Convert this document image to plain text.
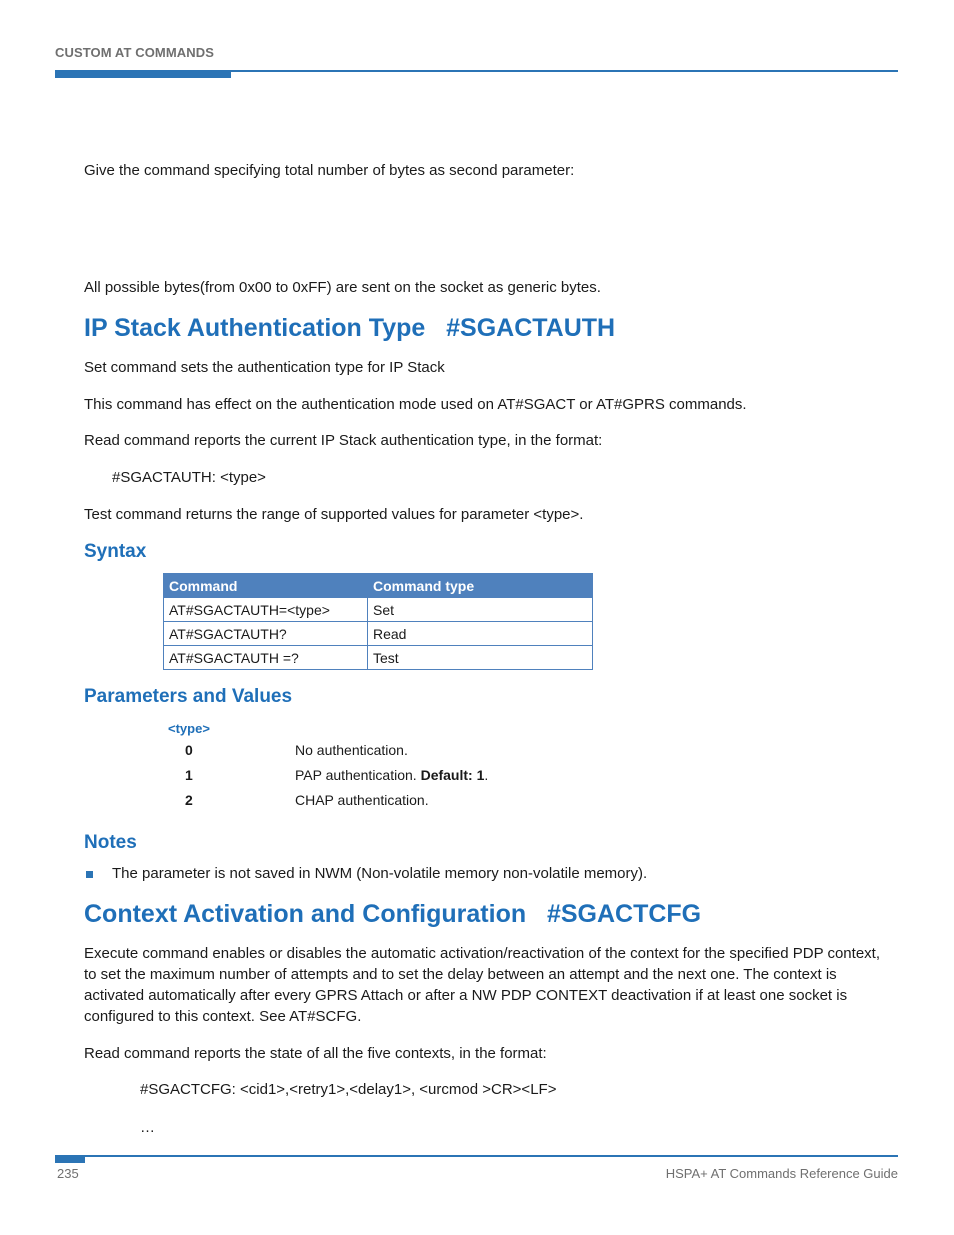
CUSTOM AT COMMANDS
Give the command specifying total number of bytes as second parameter:
All possible bytes(from 0x00 to 0xFF) are sent on the socket as generic bytes.
IP Stack Authentication Type   #SGACTAUTH
Set command sets the authentication type for IP Stack
This command has effect on the authentication mode used on AT#SGACT or AT#GPRS commands.
Read command reports the current IP Stack authentication type, in the format:
#SGACTAUTH: <type>
Test command returns the range of supported values for parameter <type>.
Syntax
Command	Command type
AT#SGACTAUTH=<type>	Set
AT#SGACTAUTH?	Read
AT#SGACTAUTH =?	Test
Parameters and Values
<type>
0	No authentication.
1	PAP authentication. Default: 1.
2	CHAP authentication.
Notes
The parameter is not saved in NWM (Non-volatile memory non-volatile memory).
Context Activation and Configuration   #SGACTCFG
Execute command enables or disables the automatic activation/reactivation of the context for the specified PDP context, to set the maximum number of attempts and to set the delay between an attempt and the next one. The context is activated automatically after every GPRS Attach or after a NW PDP CONTEXT deactivation if at least one socket is configured to this context. See AT#SCFG.
Read command reports the state of all the five contexts, in the format:
#SGACTCFG: <cid1>,<retry1>,<delay1>, <urcmod >CR><LF>
…
235	HSPA+ AT Commands Reference Guide
